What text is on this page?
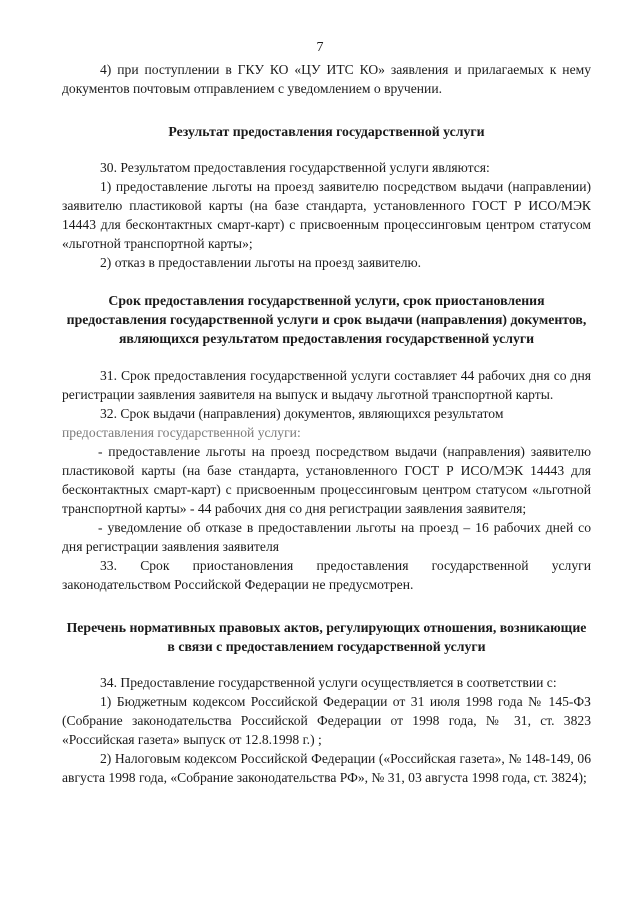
7

4) при поступлении в ГКУ КО «ЦУ ИТС КО» заявления и прилагаемых к нему документов почтовым отправлением с уведомлением о вручении.

Результат предоставления государственной услуги

30. Результатом предоставления государственной услуги являются:

1) предоставление льготы на проезд заявителю посредством выдачи (направлении) заявителю пластиковой карты (на базе стандарта, установленного ГОСТ Р ИСО/МЭК 14443 для бесконтактных смарт-карт) с присвоенным процессинговым центром статусом «льготной транспортной карты»;

2) отказ в предоставлении льготы на проезд заявителю.

Срок предоставления государственной услуги, срок приостановления предоставления государственной услуги и срок выдачи (направления) документов, являющихся результатом предоставления государственной услуги

31. Срок предоставления государственной услуги составляет 44 рабочих дня со дня регистрации заявления заявителя на выпуск и выдачу льготной транспортной карты.

32. Срок выдачи (направления) документов, являющихся результатом

предоставления государственной услуги:

- предоставление льготы на проезд посредством выдачи (направления) заявителю пластиковой карты (на базе стандарта, установленного ГОСТ Р ИСО/МЭК 14443 для бесконтактных смарт-карт) с присвоенным процессинговым центром статусом «льготной транспортной карты» - 44 рабочих дня со дня регистрации заявления заявителя;

- уведомление об отказе в предоставлении льготы на проезд – 16 рабочих дней со дня регистрации заявления заявителя

33. Срок приостановления предоставления государственной услуги законодательством Российской Федерации не предусмотрен.

Перечень нормативных правовых актов, регулирующих отношения, возникающие в связи с предоставлением государственной услуги

34. Предоставление государственной услуги осуществляется в соответствии с:

1) Бюджетным кодексом Российской Федерации от 31 июля 1998 года № 145-ФЗ (Собрание законодательства Российской Федерации от 1998 года, № 31, ст. 3823 «Российская газета» выпуск от 12.8.1998 г.) ;

2) Налоговым кодексом Российской Федерации («Российская газета», № 148-149, 06 августа 1998 года, «Собрание законодательства РФ», № 31, 03 августа 1998 года, ст. 3824);
